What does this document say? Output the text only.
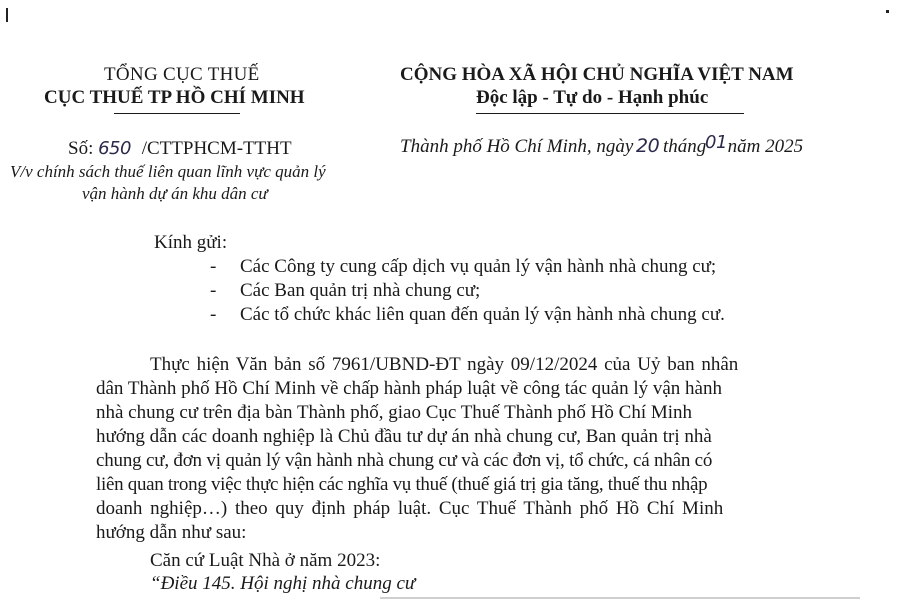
TỔNG CỤC THUẾ
CỤC THUẾ TP HỒ CHÍ MINH
CỘNG HÒA XÃ HỘI CHỦ NGHĨA VIỆT NAM
Độc lập - Tự do - Hạnh phúc
Số: 650 /CTTPHCM-TTHT
V/v chính sách thuế liên quan lĩnh vực quản lý
vận hành dự án khu dân cư
Thành phố Hồ Chí Minh, ngày 20 tháng 01 năm 2025
Kính gửi:
- Các Công ty cung cấp dịch vụ quản lý vận hành nhà chung cư;
- Các Ban quản trị nhà chung cư;
- Các tổ chức khác liên quan đến quản lý vận hành nhà chung cư.
Thực hiện Văn bản số 7961/UBND-ĐT ngày 09/12/2024 của Uỷ ban nhân
dân Thành phố Hồ Chí Minh về chấp hành pháp luật về công tác quản lý vận hành
nhà chung cư trên địa bàn Thành phố, giao Cục Thuế Thành phố Hồ Chí Minh
hướng dẫn các doanh nghiệp là Chủ đầu tư dự án nhà chung cư, Ban quản trị nhà
chung cư, đơn vị quản lý vận hành nhà chung cư và các đơn vị, tổ chức, cá nhân có
liên quan trong việc thực hiện các nghĩa vụ thuế (thuế giá trị gia tăng, thuế thu nhập
doanh nghiệp…) theo quy định pháp luật. Cục Thuế Thành phố Hồ Chí Minh
hướng dẫn như sau:
Căn cứ Luật Nhà ở năm 2023:
“Điều 145. Hội nghị nhà chung cư
